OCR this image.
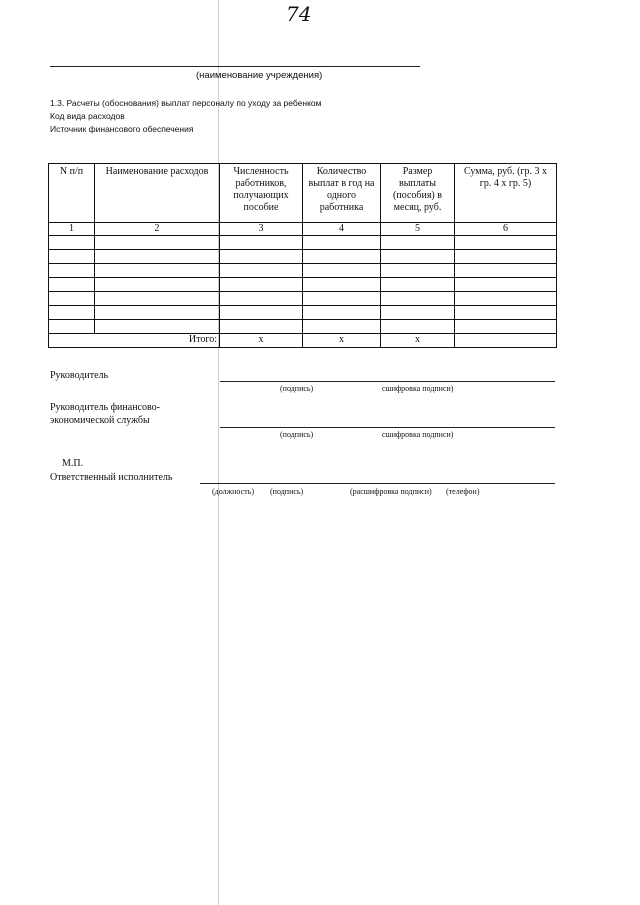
74
(наименование учреждения)
1.3. Расчеты (обоснования) выплат персоналу по уходу за ребенком
Код вида расходов
Источник финансового обеспечения
N п/п	Наименование расходов	Численность работников, получающих пособие	Количество выплат в год на одного работника	Размер выплаты (пособия) в месяц, руб.	Сумма, руб. (гр. 3 x гр. 4 x гр. 5)
1	2	3	4	5	6

Итого:		x	x	x	
Руководитель
(подпись)	сшифровка подписи)
Руководитель финансово-
экономической службы
(подпись)	сшифровка подписи)
М.П.
Ответственный исполнитель
(должность) (подпись)	(расшифровка подписи) (телефон)
